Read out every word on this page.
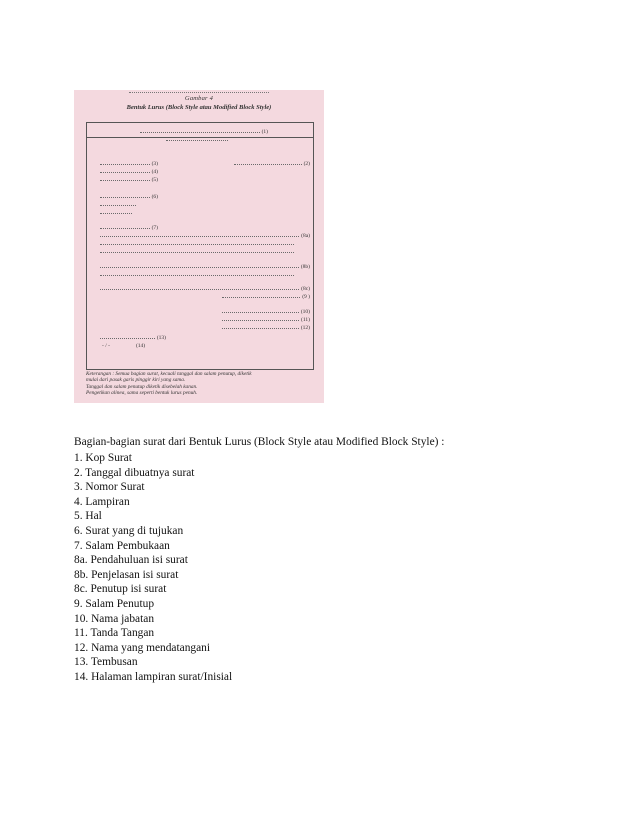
Gambar 4
Bentuk Lurus (Block Style atau Modified Block Style)
(1)
(2)
(3)
(4)
(5)
(6)
(7)
(8a)
(8b)
(8c)
(9 )
(10)
(11)
(12)
(13)
- / -	(14)
Keterangan : Semua bagian surat, kecuali tanggal dan salam penutup, diketik
mulai dari pasak garis pinggir kiri yang sama.
Tanggal dan salam penutup diketik disebelah kanan.
Pengetikan alinea, sama seperti bentuk lurus penuh.
Bagian-bagian surat dari Bentuk Lurus (Block Style atau Modified Block Style) :
1. Kop Surat
2. Tanggal dibuatnya surat
3. Nomor Surat
4. Lampiran
5. Hal
6. Surat yang di tujukan
7. Salam Pembukaan
8a. Pendahuluan isi surat
8b. Penjelasan isi surat
8c. Penutup isi surat
9. Salam Penutup
10. Nama jabatan
11. Tanda Tangan
12. Nama yang mendatangani
13. Tembusan
14. Halaman lampiran surat/Inisial
